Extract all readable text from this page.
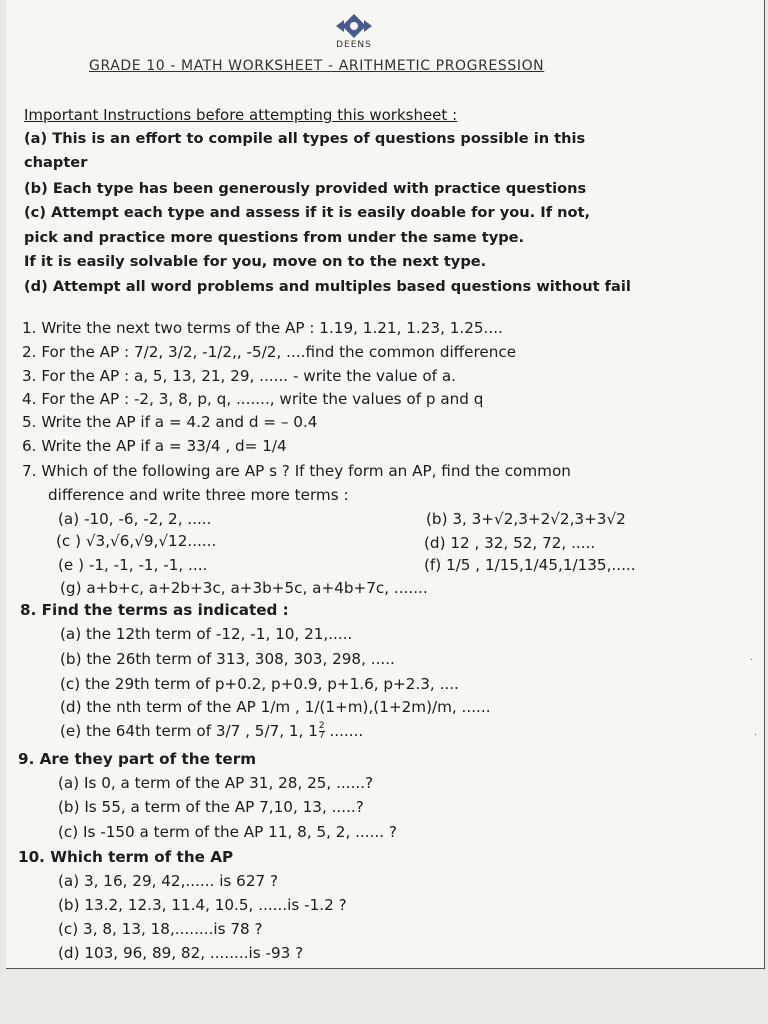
DEENS
GRADE 10 - MATH WORKSHEET - ARITHMETIC PROGRESSION
Important Instructions before attempting this worksheet :
(a) This is an effort to compile all types of questions possible in this
chapter
(b) Each type has been generously provided with practice questions
(c) Attempt each type and assess if it is easily doable for you. If not,
pick and practice more questions from under the same type.
If it is easily solvable for you, move on to the next type.
(d) Attempt all word problems and multiples based questions without fail
1. Write the next two terms of the AP : 1.19, 1.21, 1.23, 1.25....
2. For the AP : 7/2, 3/2, -1/2,, -5/2, ....find the common difference
3. For the AP : a, 5, 13, 21, 29, ...... - write the value of a.
4. For the AP : -2, 3, 8, p, q, ......., write the values of p and q
5. Write the AP if a = 4.2 and d = – 0.4
6. Write the AP if a = 33/4 , d= 1/4
7. Which of the following are AP s ? If they form an AP, find the common
difference and write three more terms :
(a) -10, -6, -2, 2, .....	(b) 3, 3+√2,3+2√2,3+3√2
(c ) √3,√6,√9,√12......	(d) 12 , 32, 52, 72, .....
(e ) -1, -1, -1, -1, ....	(f) 1/5 , 1/15,1/45,1/135,.....
(g) a+b+c, a+2b+3c, a+3b+5c, a+4b+7c, .......
8. Find the terms as indicated :
(a) the 12th term of -12, -1, 10, 21,.....
(b) the 26th term of 313, 308, 303, 298, .....
(c) the 29th term of p+0.2, p+0.9, p+1.6, p+2.3, ....
(d) the nth term of the AP 1/m , 1/(1+m),(1+2m)/m, ......
(e) the 64th term of 3/7 , 5/7, 1, $1 \frac{2}{7}$ .......
9. Are they part of the term
(a) Is 0, a term of the AP 31, 28, 25, ......?
(b) Is 55, a term of the AP 7,10, 13, .....?
(c) Is -150 a term of the AP 11, 8, 5, 2, ...... ?
10. Which term of the AP
(a) 3, 16, 29, 42,...... is 627 ?
(b) 13.2, 12.3, 11.4, 10.5, ......is -1.2 ?
(c) 3, 8, 13, 18,........is 78 ?
(d) 103, 96, 89, 82, ........is -93 ?
·
·
